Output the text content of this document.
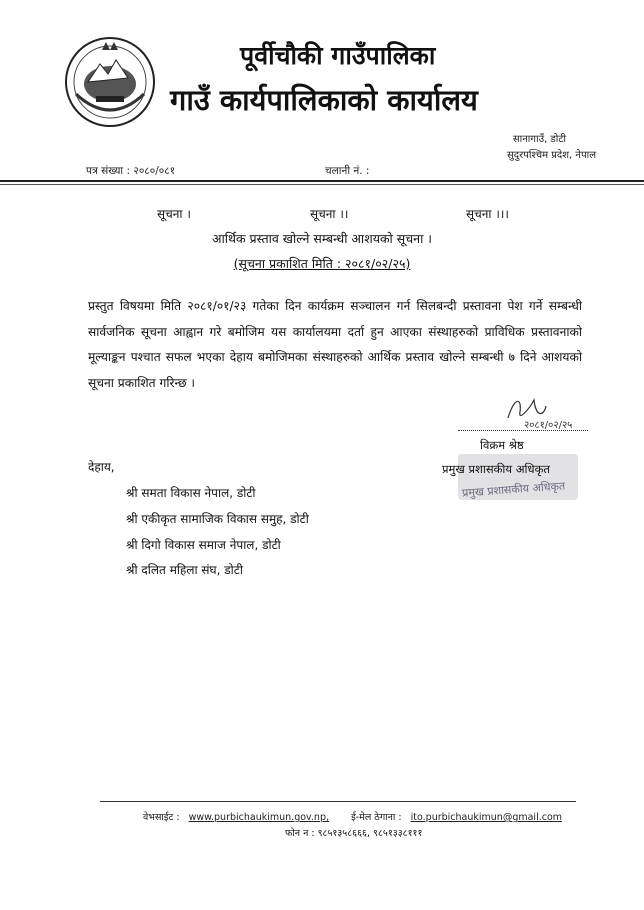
पूर्वीचौकी गाउँपालिका
गाउँ कार्यपालिकाको कार्यालय
सानागाउँ, डोटी
सुदुरपश्चिम प्रदेश, नेपाल
पत्र संख्या : २०८०/०८१	चलानी नं. :
सूचना ।	सूचना ।।	सूचना ।।।
आर्थिक प्रस्ताव खोल्ने सम्बन्धी आशयको सूचना ।
(सूचना प्रकाशित मिति : २०८१/०२/२५)
प्रस्तुत विषयमा मिति २०८१/०१/२३ गतेका दिन कार्यक्रम सञ्चालन गर्न सिलबन्दी प्रस्तावना पेश गर्ने सम्बन्धी सार्वजनिक सूचना आह्वान गरे बमोजिम यस कार्यालयमा दर्ता हुन आएका संस्थाहरुको प्राविधिक प्रस्तावनाको मूल्याङ्कन पश्चात सफल भएका देहाय बमोजिमका संस्थाहरुको आर्थिक प्रस्ताव खोल्ने सम्बन्धी ७ दिने आशयको सूचना प्रकाशित गरिन्छ ।
२०८१/०२/२५
विक्रम श्रेष्ठ
प्रमुख प्रशासकीय अधिकृत
प्रमुख प्रशासकीय अधिकृत
देहाय,
श्री समता विकास नेपाल, डोटी
श्री एकीकृत सामाजिक विकास समुह, डोटी
श्री दिगो विकास समाज नेपाल, डोटी
श्री दलित महिला संघ, डोटी
वेभसाईट : www.purbichaukimun.gov.np, ई-मेल ठेगाना : ito.purbichaukimun@gmail.com
फोन न : ९८५१३५८६६६, ९८५१३३८१११
